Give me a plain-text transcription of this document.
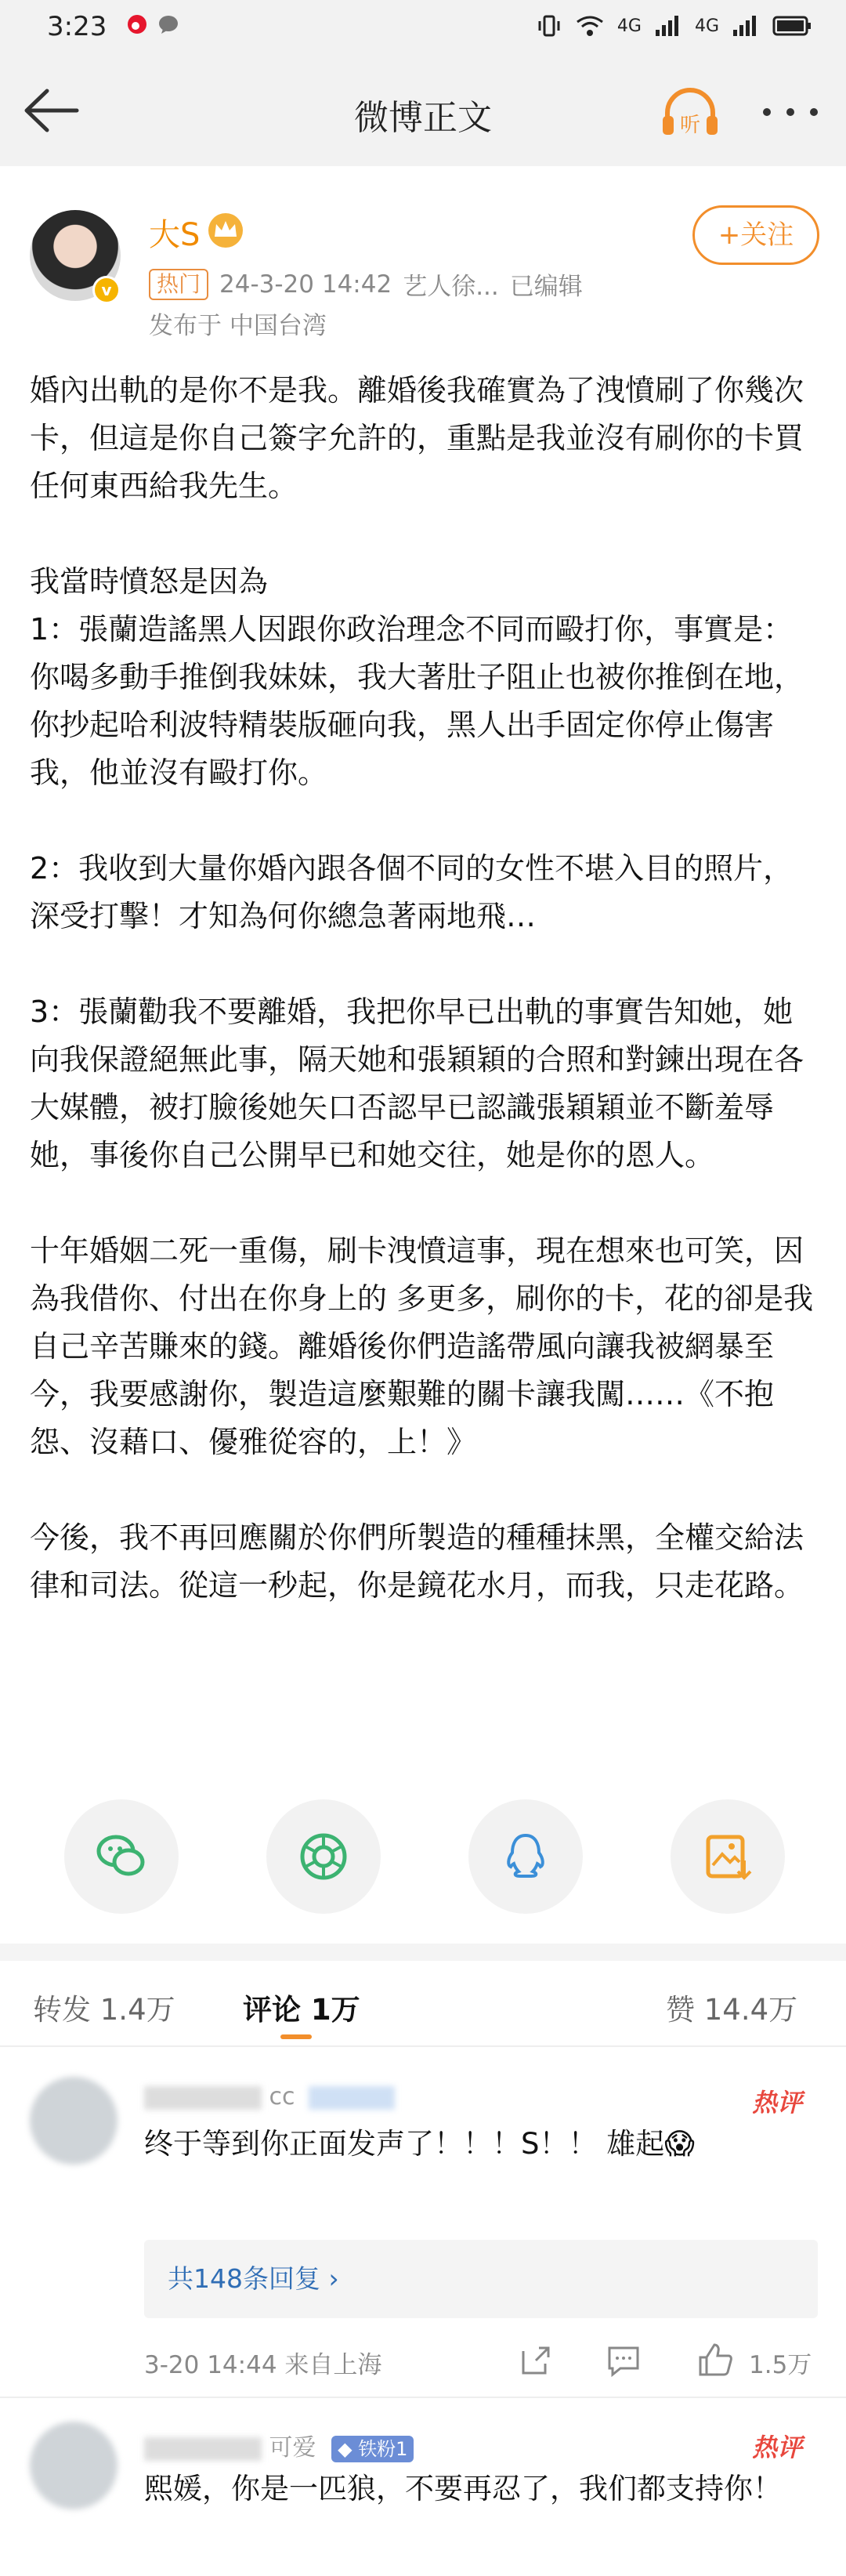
3:23	4G	4G
微博正文	听
v
大S	+关注
热门 24-3-20 14:42 艺人徐... 已编辑
发布于 中国台湾

婚內出軌的是你不是我。離婚後我確實為了洩憤刷了你幾次卡，但這是你自己簽字允許的，重點是我並沒有刷你的卡買任何東西給我先生。

我當時憤怒是因為
1：張蘭造謠黑人因跟你政治理念不同而毆打你，事實是：你喝多動手推倒我妹妹，我大著肚子阻止也被你推倒在地，你抄起哈利波特精裝版砸向我，黑人出手固定你停止傷害我，他並沒有毆打你。

2：我收到大量你婚內跟各個不同的女性不堪入目的照片，深受打擊！才知為何你總急著兩地飛…

3：張蘭勸我不要離婚，我把你早已出軌的事實告知她，她向我保證絕無此事，隔天她和張穎穎的合照和對鍊出現在各大媒體，被打臉後她矢口否認早已認識張穎穎並不斷羞辱她，事後你自己公開早已和她交往，她是你的恩人。

十年婚姻二死一重傷，刷卡洩憤這事，現在想來也可笑，因為我借你、付出在你身上的 多更多，刷你的卡，花的卻是我自己辛苦賺來的錢。離婚後你們造謠帶風向讓我被網暴至今，我要感謝你，製造這麼艱難的關卡讓我闖……《不抱怨、沒藉口、優雅從容的，上！》

今後，我不再回應關於你們所製造的種種抹黑，全權交給法律和司法。從這一秒起，你是鏡花水月，而我，只走花路。

转发 1.4万 评论 1万	赞 14.4万
cc	热评
终于等到你正面发声了！！！S！！ 雄起😱
共148条回复 ›
3-20 14:44 来自上海	1.5万
可爱 ◆ 铁粉1	热评
熙媛，你是一匹狼，不要再忍了，我们都支持你！
